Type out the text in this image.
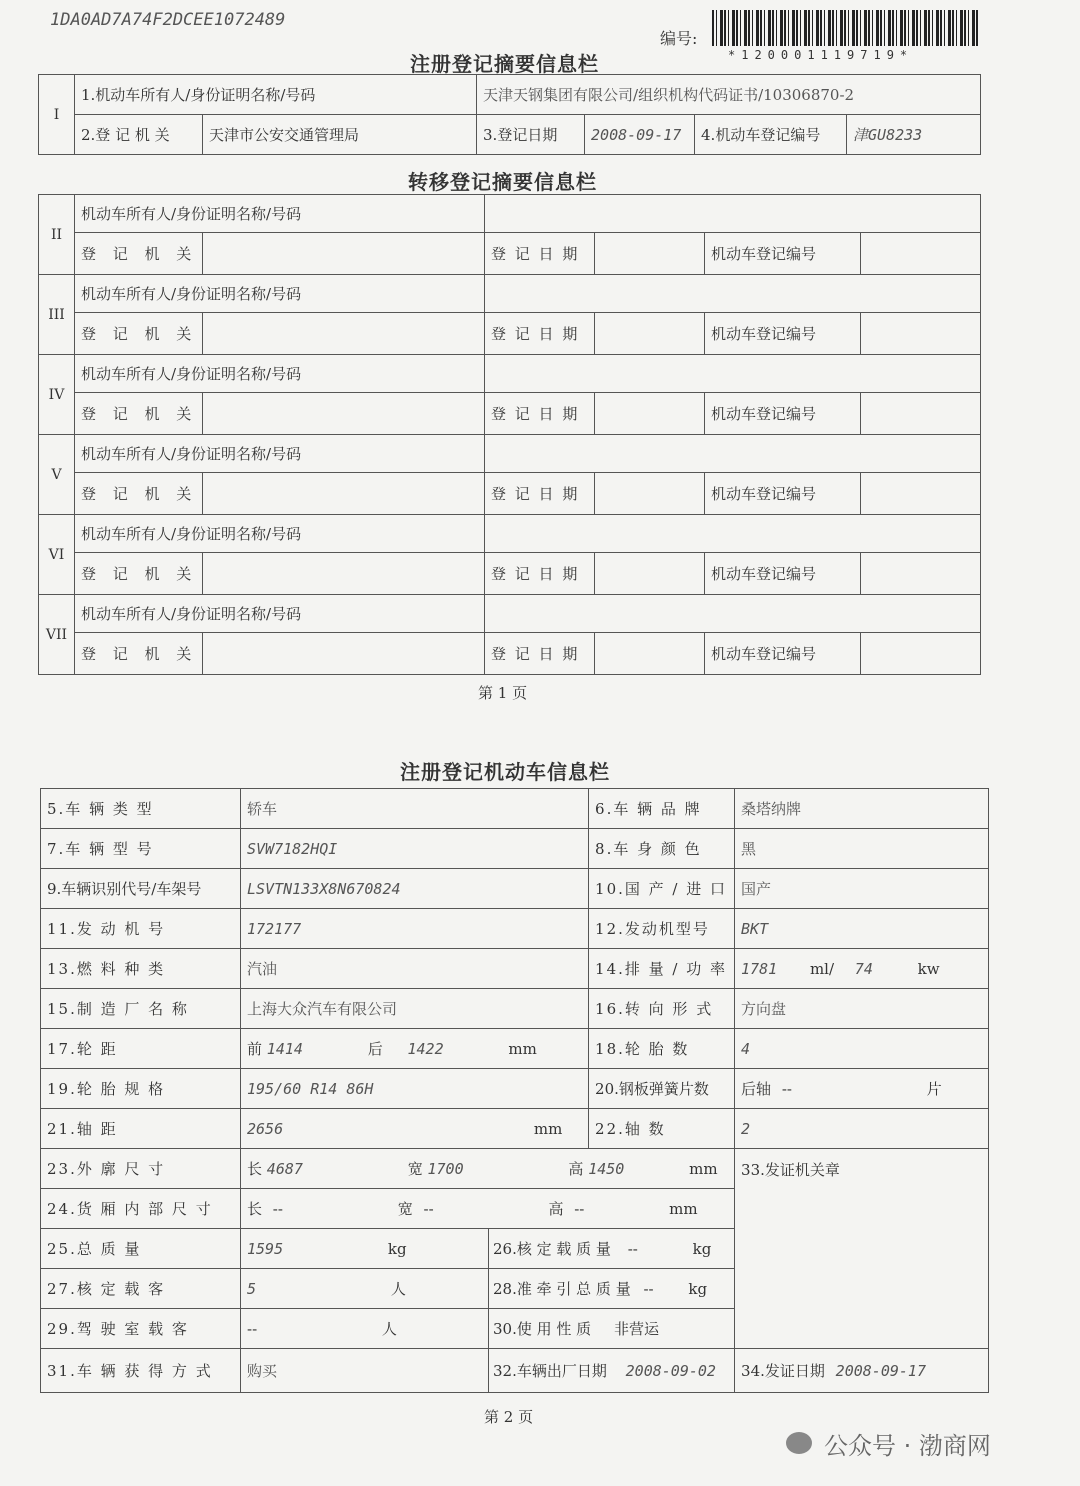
1DA0AD7A74F2DCEE1072489
编号:
*120001119719*
注册登记摘要信息栏
I	1.机动车所有人/身份证明名称/号码		天津天钢集团有限公司/组织机构代码证书/10306870-2			
	2.登 记 机 关	天津市公安交通管理局	3.登记日期	2008-09-17	4.机动车登记编号	津GU8233
转移登记摘要信息栏
II	机动车所有人/身份证明名称/号码					
	登 记 机 关		登 记 日 期		机动车登记编号	
III	机动车所有人/身份证明名称/号码					
	登 记 机 关		登 记 日 期		机动车登记编号	
IV	机动车所有人/身份证明名称/号码					
	登 记 机 关		登 记 日 期		机动车登记编号	
V	机动车所有人/身份证明名称/号码					
	登 记 机 关		登 记 日 期		机动车登记编号	
VI	机动车所有人/身份证明名称/号码					
	登 记 机 关		登 记 日 期		机动车登记编号	
VII	机动车所有人/身份证明名称/号码					
	登 记 机 关		登 记 日 期		机动车登记编号	
第 1 页
注册登记机动车信息栏
5.车 辆 类 型	轿车		6.车 辆 品 牌	桑塔纳牌
7.车 辆 型 号	SVW7182HQI		8.车 身 颜 色	黑
9.车辆识别代号/车架号	LSVTN133X8N670824		10.国 产 / 进 口	国产
11.发 动 机 号	172177		12.发动机型号	BKT
13.燃 料 种 类	汽油		14.排 量 / 功 率	1781 ml/ 74 kw
15.制 造 厂 名 称	上海大众汽车有限公司		16.转 向 形 式	方向盘
17.轮 距	前 1414 后 1422 mm		18.轮 胎 数	4
19.轮 胎 规 格	195/60 R14 86H		20.钢板弹簧片数	后轴 -- 片
21.轴 距	2656 mm		22.轴 数	2
23.外 廓 尺 寸	长 4687 宽 1700 高 1450 mm			33.发证机关章
24.货 厢 内 部 尺 寸	长 -- 宽 -- 高 -- mm			
25.总 质 量	1595 kg	26.核 定 载 质 量 -- kg		
27.核 定 载 客	5 人	28.准 牵 引 总 质 量 -- kg		
29.驾 驶 室 载 客	-- 人	30.使 用 性 质 非营运		
31.车 辆 获 得 方 式	购买	32.车辆出厂日期 2008-09-02		34.发证日期 2008-09-17
第 2 页
公众号 · 渤商网
